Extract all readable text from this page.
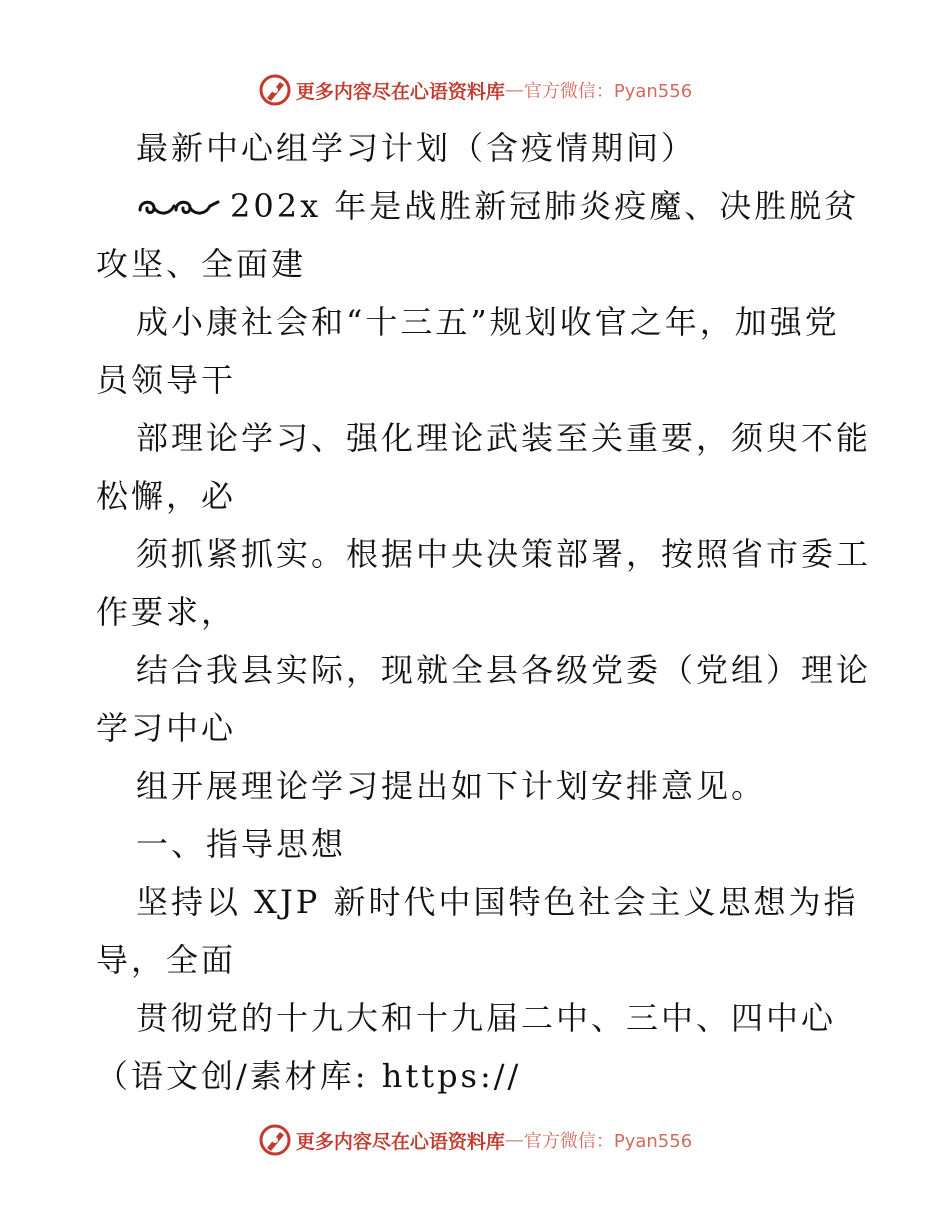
更多内容尽在心语资料库 — 官方微信：Pyan556
最新中心组学习计划（含疫情期间）
202x 年是战胜新冠肺炎疫魔、决胜脱贫
攻坚、全面建
成小康社会和“十三五”规划收官之年，加强党
员领导干
部理论学习、强化理论武装至关重要，须臾不能
松懈，必
须抓紧抓实。根据中央决策部署，按照省市委工
作要求，
结合我县实际，现就全县各级党委（党组）理论
学习中心
组开展理论学习提出如下计划安排意见。
一、指导思想
坚持以 XJP 新时代中国特色社会主义思想为指
导，全面
贯彻党的十九大和十九届二中、三中、四中心
（语文创/素材库: https://
更多内容尽在心语资料库 — 官方微信：Pyan556
